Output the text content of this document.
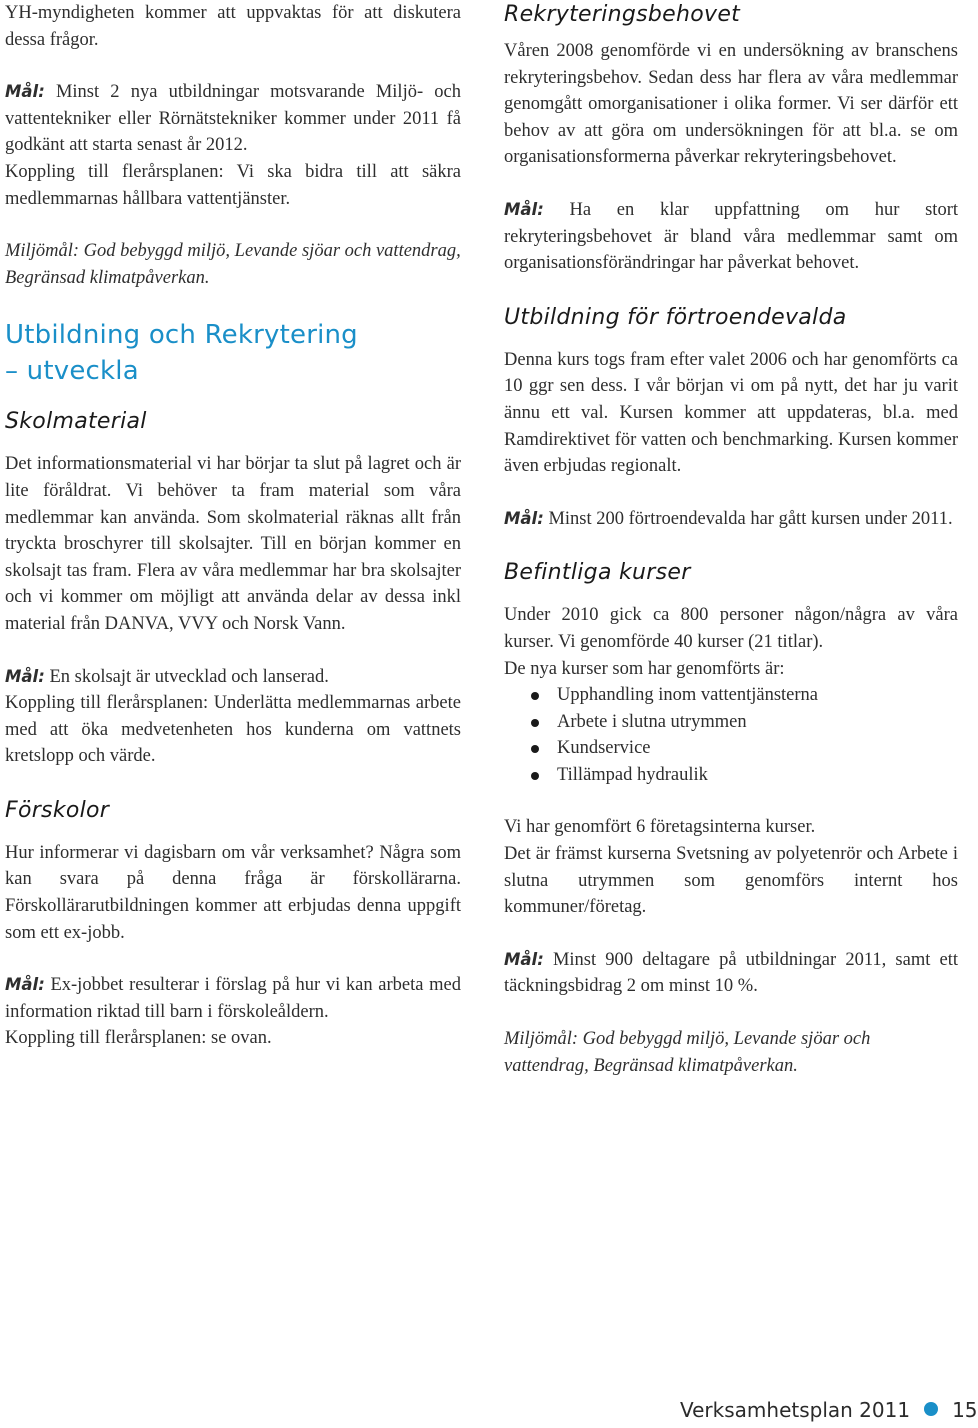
YH-myndigheten kommer att uppvaktas för att diskutera dessa frågor.

Mål: Minst 2 nya utbildningar motsvarande Miljö- och vattentekniker eller Rörnätstekniker kommer under 2011 få godkänt att starta senast år 2012.

Koppling till flerårsplanen: Vi ska bidra till att säkra medlemmarnas hållbara vattentjänster.

Miljömål: God bebyggd miljö, Levande sjöar och vattendrag, Begränsad klimatpåverkan.

Utbildning och Rekrytering
– utveckla
Skolmaterial

Det informationsmaterial vi har börjar ta slut på lagret och är lite föråldrat. Vi behöver ta fram material som våra medlemmar kan använda. Som skolmaterial räknas allt från tryckta broschyrer till skolsajter. Till en början kommer en skolsajt tas fram. Flera av våra medlemmar har bra skolsajter och vi kommer om möjligt att använda delar av dessa inkl material från DANVA, VVY och Norsk Vann.

Mål: En skolsajt är utvecklad och lanserad.

Koppling till flerårsplanen: Underlätta medlemmarnas arbete med att öka medvetenheten hos kunderna om vattnets kretslopp och värde.

Förskolor

Hur informerar vi dagisbarn om vår verksamhet? Några som kan svara på denna fråga är förskollärarna. Förskollärarutbildningen kommer att erbjudas denna uppgift som ett ex-jobb.

Mål: Ex-jobbet resulterar i förslag på hur vi kan arbeta med information riktad till barn i förskoleåldern.

Koppling till flerårsplanen: se ovan.

Rekryteringsbehovet

Våren 2008 genomförde vi en undersökning av branschens rekryteringsbehov. Sedan dess har flera av våra medlemmar genomgått omorganisationer i olika former. Vi ser därför ett behov av att göra om undersökningen för att bl.a. se om organisationsformerna påverkar rekryteringsbehovet.

Mål: Ha en klar uppfattning om hur stort rekryteringsbehovet är bland våra medlemmar samt om organisationsförändringar har påverkat behovet.

Utbildning för förtroendevalda

Denna kurs togs fram efter valet 2006 och har genomförts ca 10 ggr sen dess. I vår början vi om på nytt, det har ju varit ännu ett val. Kursen kommer att uppdateras, bl.a. med Ramdirektivet för vatten och benchmarking. Kursen kommer även erbjudas regionalt.

Mål: Minst 200 förtroendevalda har gått kursen under 2011.

Befintliga kurser

Under 2010 gick ca 800 personer någon/några av våra kurser. Vi genomförde 40 kurser (21 titlar).

De nya kurser som har genomförts är:

Upphandling inom vattentjänsterna
Arbete i slutna utrymmen
Kundservice
Tillämpad hydraulik

Vi har genomfört 6 företagsinterna kurser.

Det är främst kurserna Svetsning av polyetenrör och Arbete i slutna utrymmen som genomförs internt hos kommuner/företag.

Mål: Minst 900 deltagare på utbildningar 2011, samt ett täckningsbidrag 2 om minst 10 %.

Miljömål: God bebyggd miljö, Levande sjöar och vattendrag, Begränsad klimatpåverkan.

Verksamhetsplan 2011 15
